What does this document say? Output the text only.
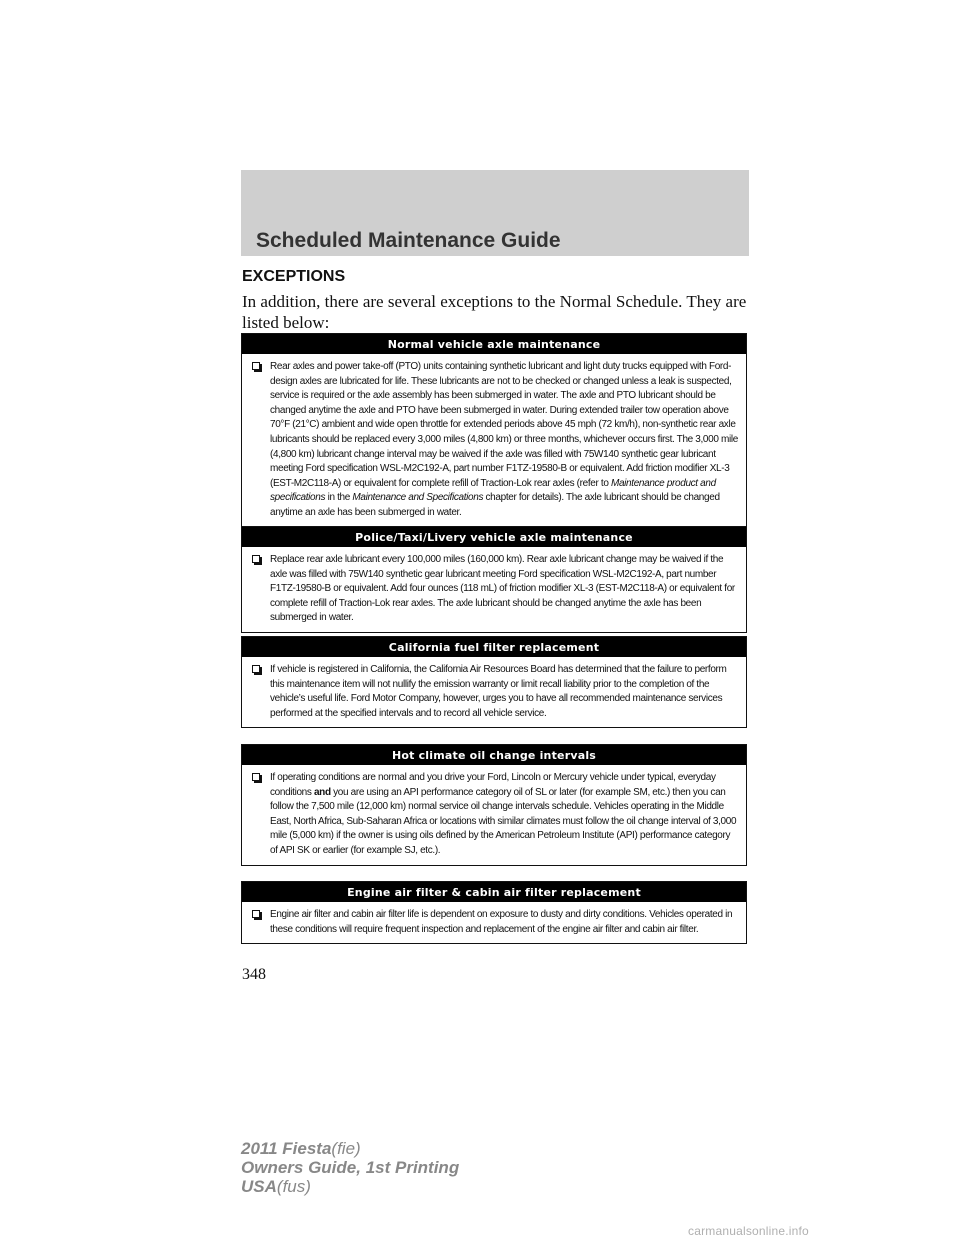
Scheduled Maintenance Guide
EXCEPTIONS

In addition, there are several exceptions to the Normal Schedule. They are listed below:

Normal vehicle axle maintenance

Rear axles and power take-off (PTO) units containing synthetic lubricant and light duty trucks equipped with Ford-design axles are lubricated for life. These lubricants are not to be checked or changed unless a leak is suspected, service is required or the axle assembly has been submerged in water. The axle and PTO lubricant should be changed anytime the axle and PTO have been submerged in water. During extended trailer tow operation above 70°F (21°C) ambient and wide open throttle for extended periods above 45 mph (72 km/h), non-synthetic rear axle lubricants should be replaced every 3,000 miles (4,800 km) or three months, whichever occurs first. The 3,000 mile (4,800 km) lubricant change interval may be waived if the axle was filled with 75W140 synthetic gear lubricant meeting Ford specification WSL-M2C192-A, part number F1TZ-19580-B or equivalent. Add friction modifier XL-3 (EST-M2C118-A) or equivalent for complete refill of Traction-Lok rear axles (refer to Maintenance product and specifications in the Maintenance and Specifications chapter for details). The axle lubricant should be changed anytime an axle has been submerged in water.

Police/Taxi/Livery vehicle axle maintenance

Replace rear axle lubricant every 100,000 miles (160,000 km). Rear axle lubricant change may be waived if the axle was filled with 75W140 synthetic gear lubricant meeting Ford specification WSL-M2C192-A, part number F1TZ-19580-B or equivalent. Add four ounces (118 mL) of friction modifier XL-3 (EST-M2C118-A) or equivalent for complete refill of Traction-Lok rear axles. The axle lubricant should be changed anytime the axle has been submerged in water.

California fuel filter replacement

If vehicle is registered in California, the California Air Resources Board has determined that the failure to perform this maintenance item will not nullify the emission warranty or limit recall liability prior to the completion of the vehicle’s useful life. Ford Motor Company, however, urges you to have all recommended maintenance services performed at the specified intervals and to record all vehicle service.

Hot climate oil change intervals

If operating conditions are normal and you drive your Ford, Lincoln or Mercury vehicle under typical, everyday conditions and you are using an API performance category oil of SL or later (for example SM, etc.) then you can follow the 7,500 mile (12,000 km) normal service oil change intervals schedule. Vehicles operating in the Middle East, North Africa, Sub-Saharan Africa or locations with similar climates must follow the oil change interval of 3,000 mile (5,000 km) if the owner is using oils defined by the American Petroleum Institute (API) performance category of API SK or earlier (for example SJ, etc.).

Engine air filter & cabin air filter replacement

Engine air filter and cabin air filter life is dependent on exposure to dusty and dirty conditions. Vehicles operated in these conditions will require frequent inspection and replacement of the engine air filter and cabin air filter.

348
2011 Fiesta(fie)
Owners Guide, 1st Printing
USA(fus)
carmanualsonline.info
